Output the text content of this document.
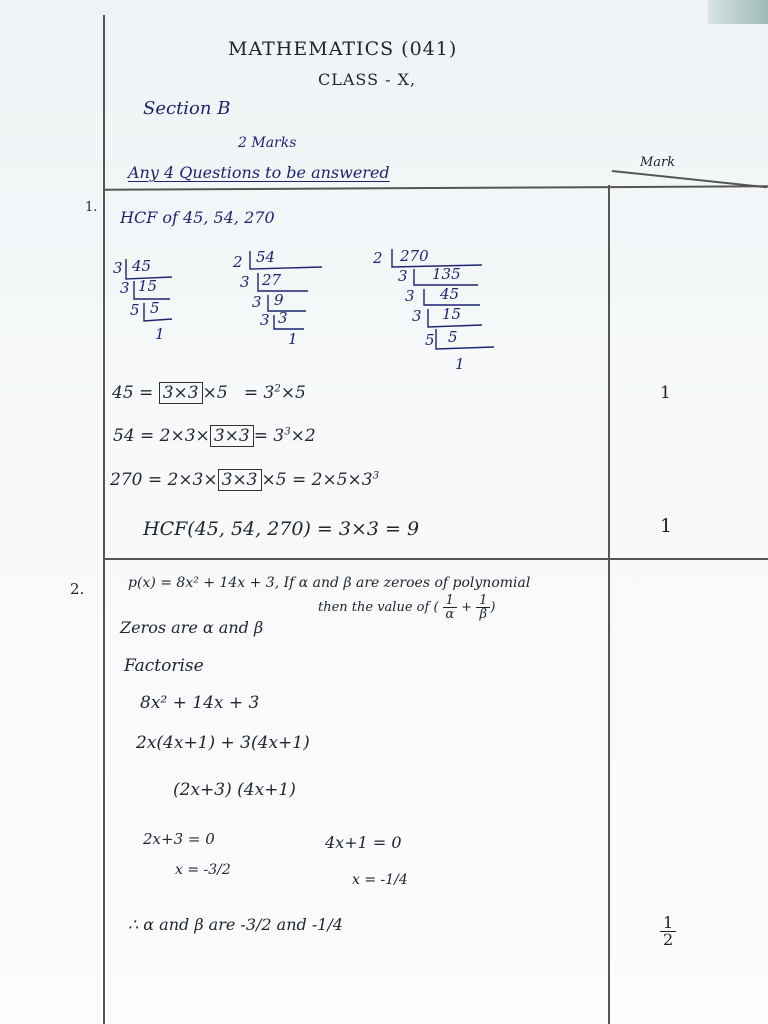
MATHEMATICS (041)
CLASS - X,
Section B
2 Marks
Any 4 Questions to be answered
Mark
1.
HCF of 45, 54, 270
3 45
3 15
5 5
1
2 54
3 27
3 9
3 3
1
2 270
3 135
3 45
3 15
5 5
1
$45 = 3\times 3 \times 5 = 3^2\times 5$
$54 = 2\times 3\times 3\times 3 = 3^3\times 2$
$270 = 2\times 3\times 3\times 3 \times 5 = 2\times 5\times 3^3$
HCF(45, 54, 270) = 3×3 = 9
1
1
2.	p(x) = 8x² + 14x + 3, If α and β are zeroes of polynomial
then the value of ( $\frac{1}{\alpha} + \frac{1}{\beta}$ )
Zeros are α and β
Factorise
8x² + 14x + 3
2x(4x+1) + 3(4x+1)
(2x+3) (4x+1)
2x+3 = 0	4x+1 = 0
x = -3/2
x = -1/4
∴ α and β are -3/2 and -1/4	$\frac{1}{2}$
